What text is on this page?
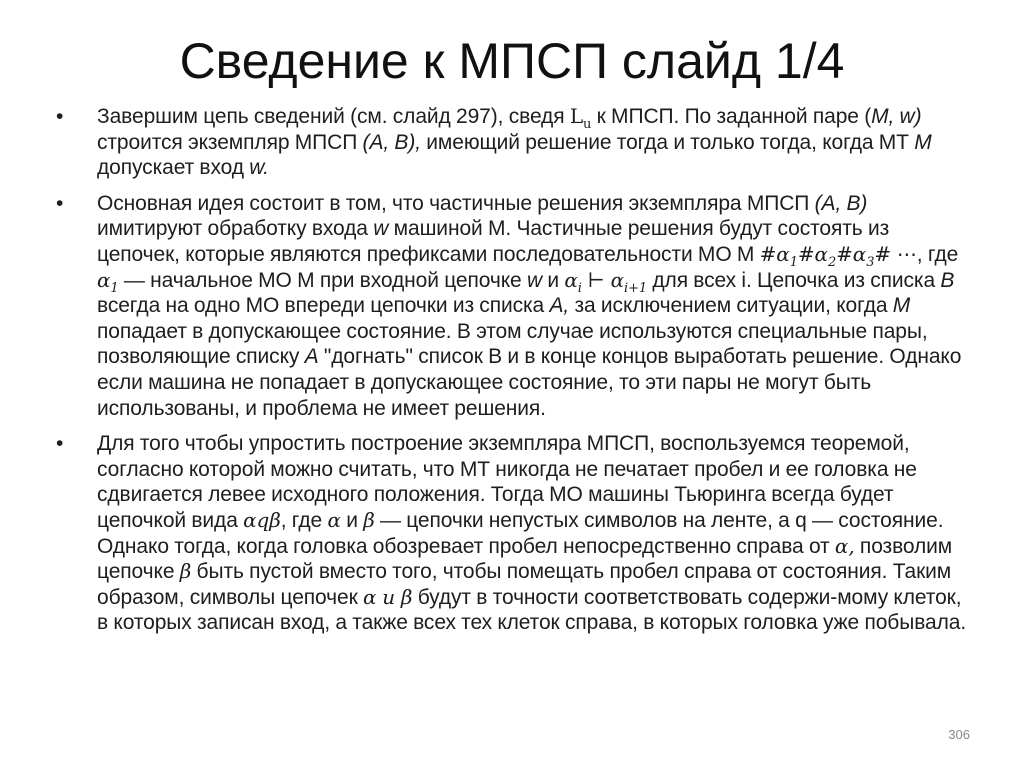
Сведение к МПСП слайд 1/4
• Завершим цепь сведений (см. слайд 297), сведя $L_u$ к МПСП. По заданной паре (M, w) строится экземпляр МПСП (A, B), имеющий решение тогда и только тогда, когда МТ M допускает вход w.
• Основная идея состоит в том, что частичные решения экземпляра МПСП (A, B) имитируют обработку входа w машиной М. Частичные решения будут состоять из цепочек, которые являются префиксами последовательности МО М $\#\alpha_1\#\alpha_2\#\alpha_3\#$ ⋯, где $\alpha_1$ — начальное МО М при входной цепочке w и $\alpha_i$ ⊢ $\alpha_{i+1}$ для всех i. Цепочка из списка B всегда на одно МО впереди цепочки из списка A, за исключением ситуации, когда M попадает в допускающее состояние. В этом случае используются специальные пары, позволяющие списку A "догнать" список В и в конце концов выработать решение. Однако если машина не попадает в допускающее состояние, то эти пары не могут быть использованы, и проблема не имеет решения.
• Для того чтобы упростить построение экземпляра МПСП, воспользуемся теоремой, согласно которой можно считать, что МТ никогда не печатает пробел и ее головка не сдвигается левее исходного положения. Тогда МО машины Тьюринга всегда будет цепочкой вида αqβ, где α и β — цепочки непустых символов на ленте, а q — состояние. Однако тогда, когда головка обозревает пробел непосредственно справа от α, позволим цепочке β быть пустой вместо того, чтобы помещать пробел справа от состояния. Таким образом, символы цепочек α и β будут в точности соответствовать содержи-мому клеток, в которых записан вход, а также всех тех клеток справа, в которых головка уже побывала.
306
